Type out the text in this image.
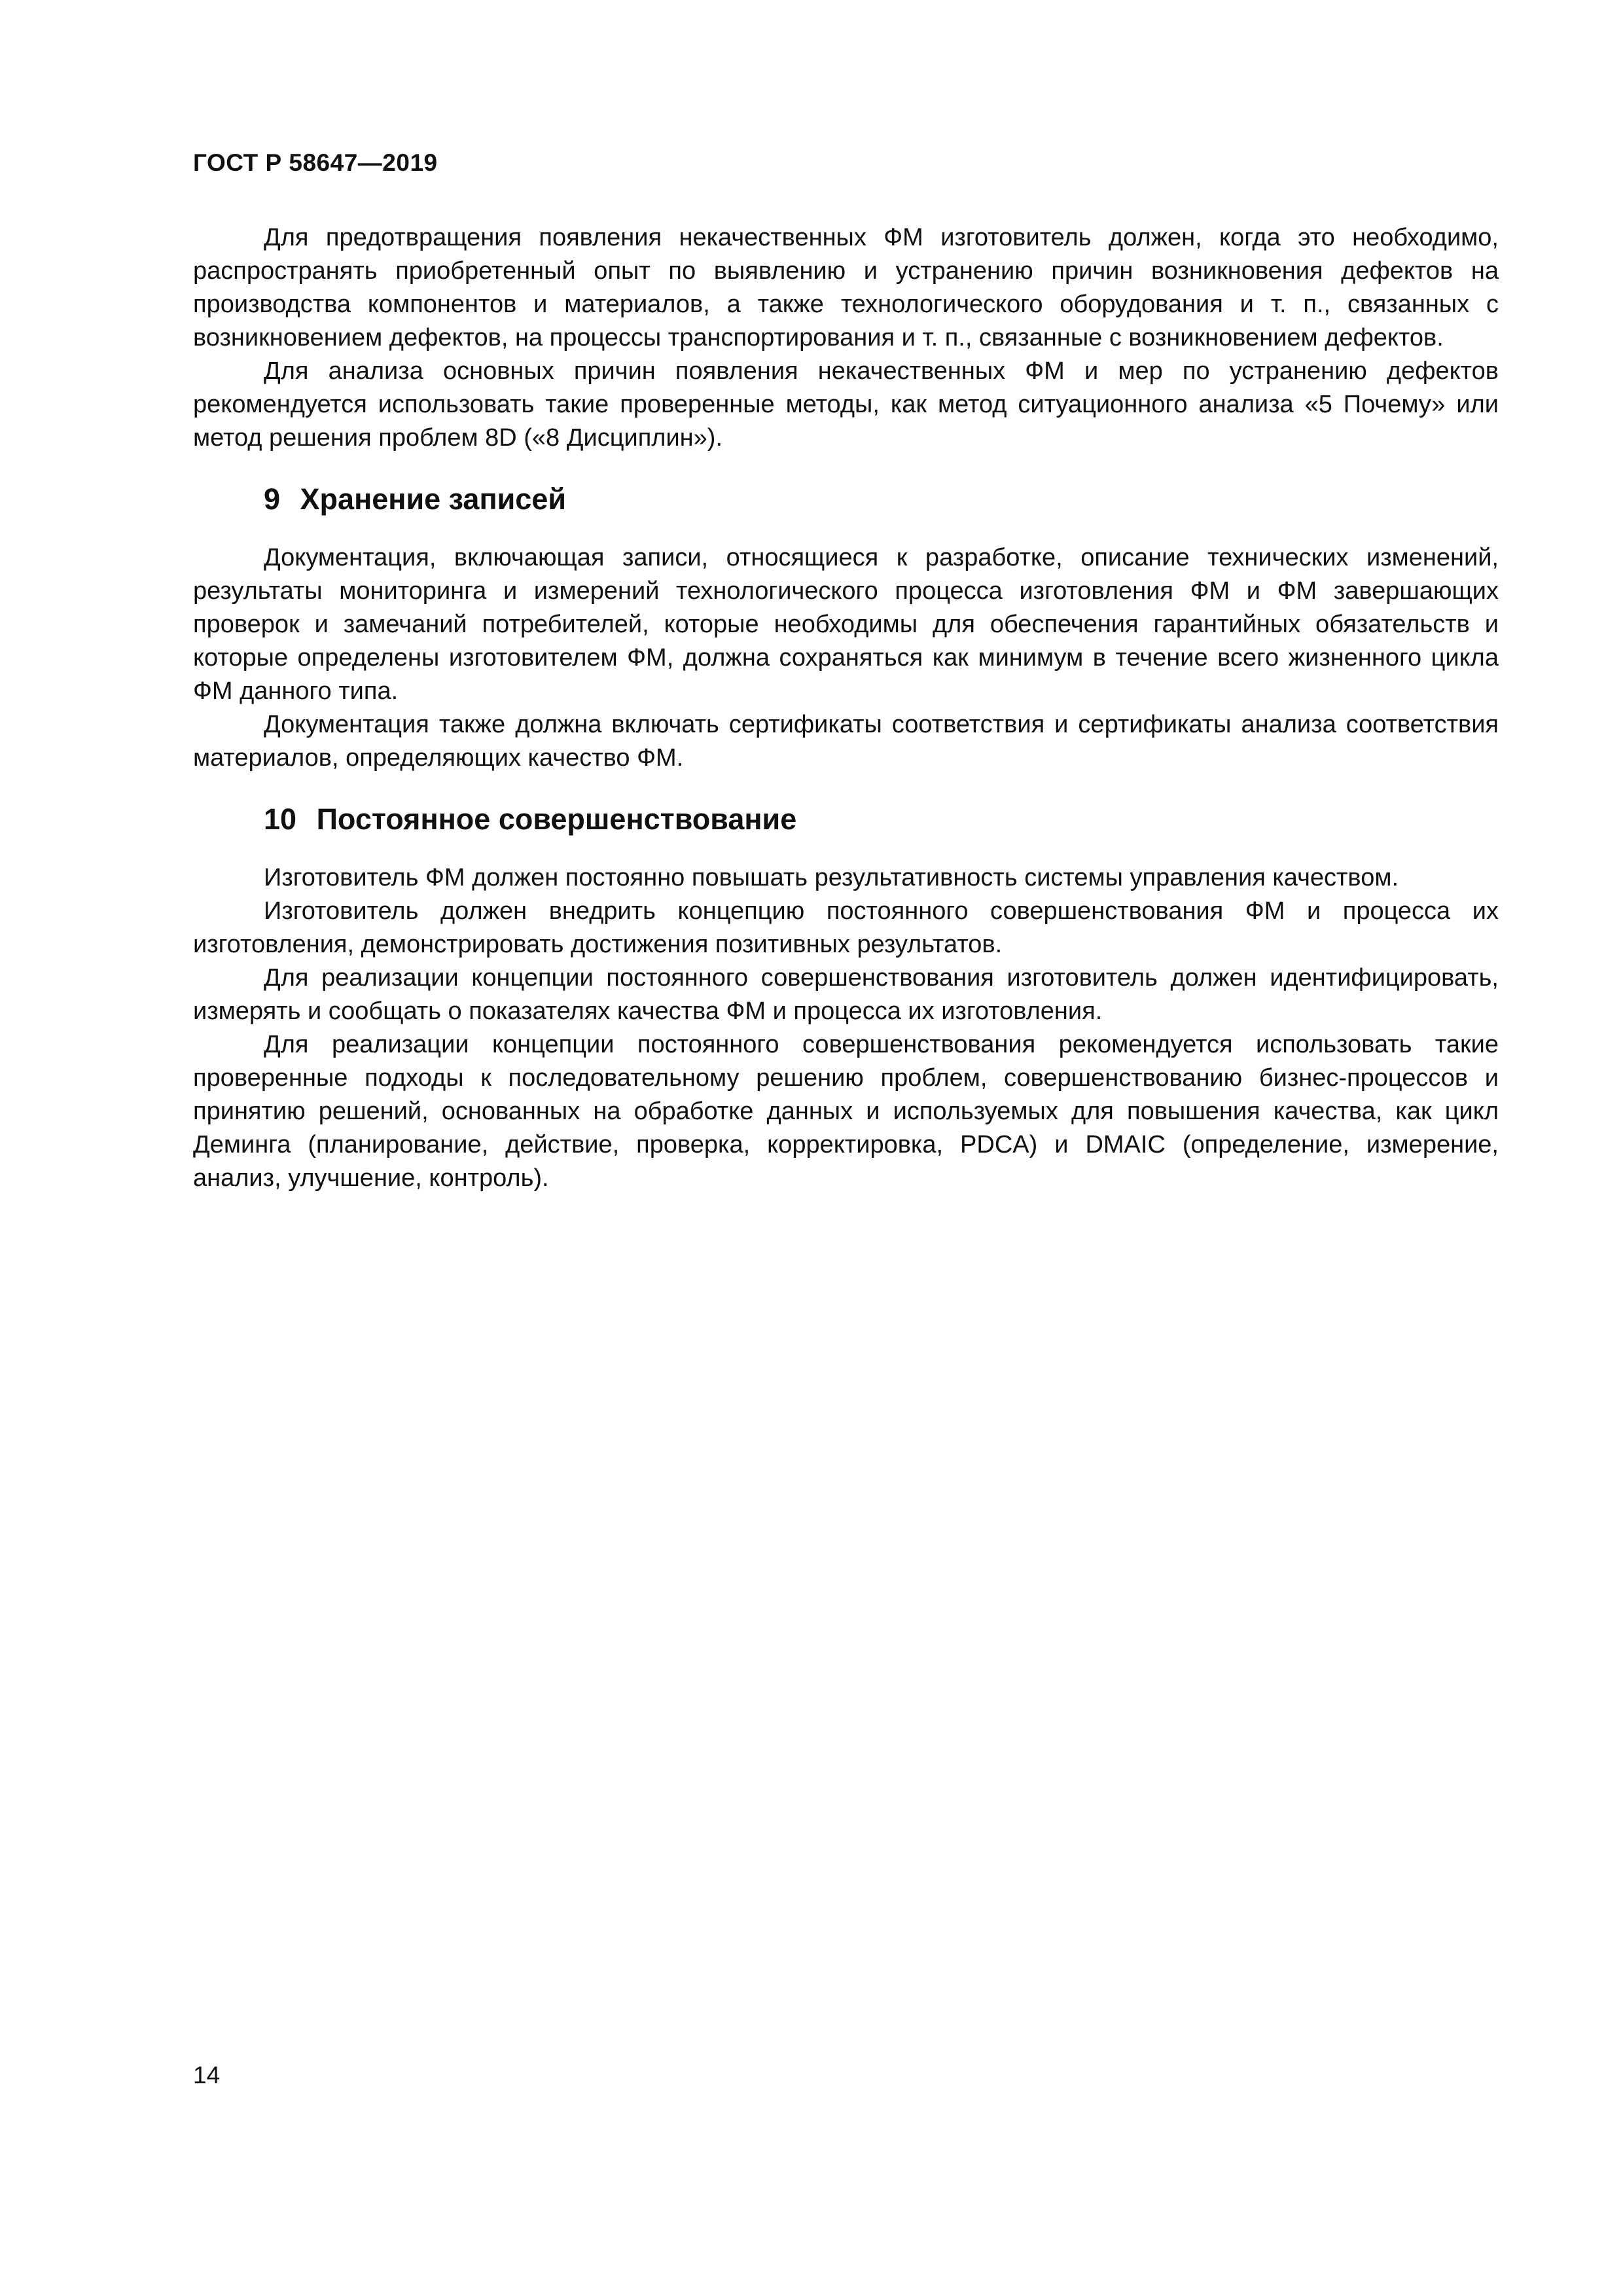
ГОСТ Р 58647—2019

Для предотвращения появления некачественных ФМ изготовитель должен, когда это необходимо, распространять приобретенный опыт по выявлению и устранению причин возникновения дефектов на производства компонентов и материалов, а также технологического оборудования и т. п., связанных с возникновением дефектов, на процессы транспортирования и т. п., связанные с возникновением дефектов.

Для анализа основных причин появления некачественных ФМ и мер по устранению дефектов рекомендуется использовать такие проверенные методы, как метод ситуационного анализа «5 Почему» или метод решения проблем 8D («8 Дисциплин»).

9 Хранение записей

Документация, включающая записи, относящиеся к разработке, описание технических изменений, результаты мониторинга и измерений технологического процесса изготовления ФМ и ФМ завершающих проверок и замечаний потребителей, которые необходимы для обеспечения гарантийных обязательств и которые определены изготовителем ФМ, должна сохраняться как минимум в течение всего жизненного цикла ФМ данного типа.

Документация также должна включать сертификаты соответствия и сертификаты анализа соответствия материалов, определяющих качество ФМ.

10 Постоянное совершенствование

Изготовитель ФМ должен постоянно повышать результативность системы управления качеством.

Изготовитель должен внедрить концепцию постоянного совершенствования ФМ и процесса их изготовления, демонстрировать достижения позитивных результатов.

Для реализации концепции постоянного совершенствования изготовитель должен идентифицировать, измерять и сообщать о показателях качества ФМ и процесса их изготовления.

Для реализации концепции постоянного совершенствования рекомендуется использовать такие проверенные подходы к последовательному решению проблем, совершенствованию бизнес-процессов и принятию решений, основанных на обработке данных и используемых для повышения качества, как цикл Деминга (планирование, действие, проверка, корректировка, PDCA) и DMAIC (определение, измерение, анализ, улучшение, контроль).

14
